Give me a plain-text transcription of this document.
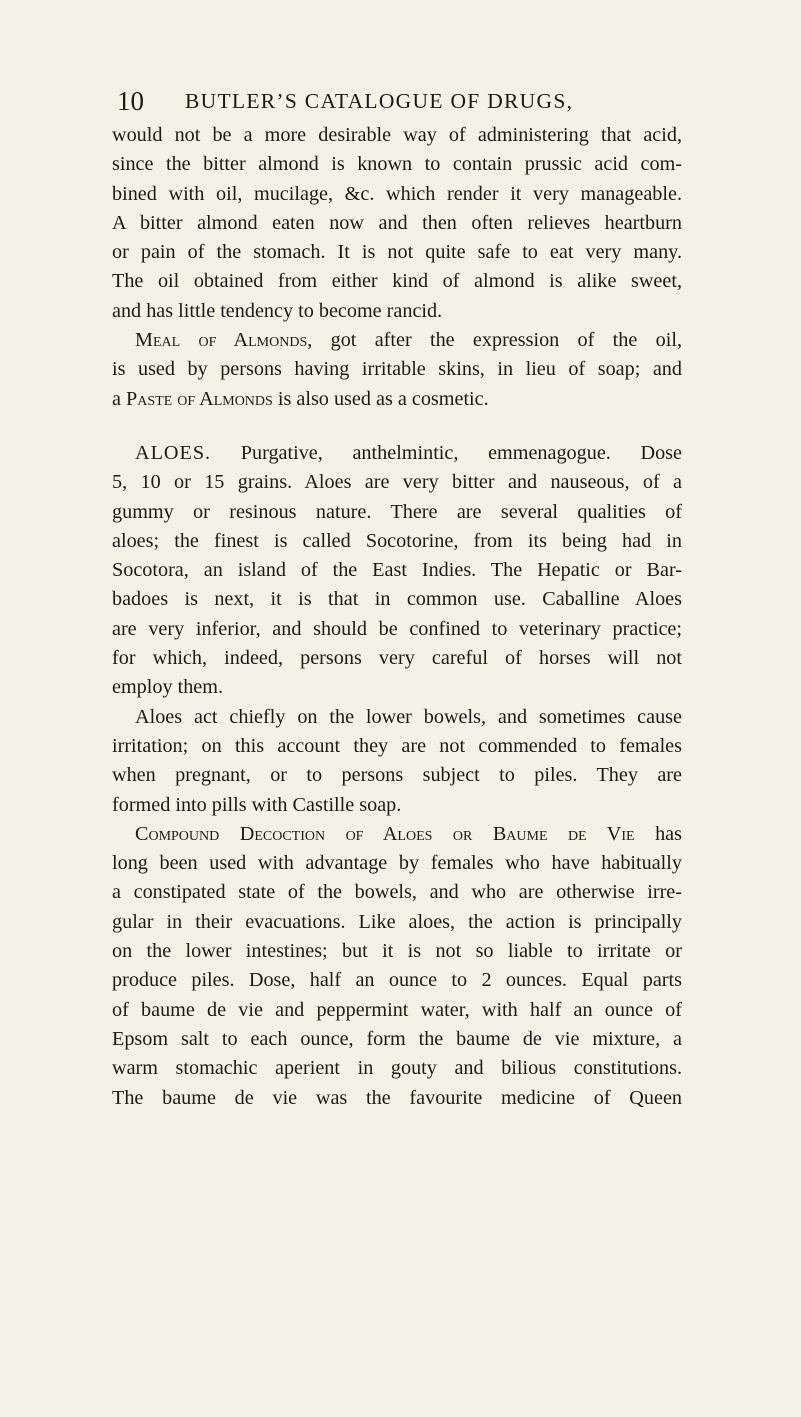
10 BUTLER’S CATALOGUE OF DRUGS,
would not be a more desirable way of administering that acid,
since the bitter almond is known to contain prussic acid com-
bined with oil, mucilage, &c. which render it very manageable.
A bitter almond eaten now and then often relieves heartburn
or pain of the stomach. It is not quite safe to eat very many.
The oil obtained from either kind of almond is alike sweet,
and has little tendency to become rancid.
Meal of Almonds, got after the expression of the oil,
is used by persons having irritable skins, in lieu of soap; and
a Paste of Almonds is also used as a cosmetic.
ALOES. Purgative, anthelmintic, emmenagogue. Dose
5, 10 or 15 grains. Aloes are very bitter and nauseous, of a
gummy or resinous nature. There are several qualities of
aloes; the finest is called Socotorine, from its being had in
Socotora, an island of the East Indies. The Hepatic or Bar-
badoes is next, it is that in common use. Caballine Aloes
are very inferior, and should be confined to veterinary practice;
for which, indeed, persons very careful of horses will not
employ them.
Aloes act chiefly on the lower bowels, and sometimes cause
irritation; on this account they are not commended to females
when pregnant, or to persons subject to piles. They are
formed into pills with Castille soap.
Compound Decoction of Aloes or Baume de Vie has
long been used with advantage by females who have habitually
a constipated state of the bowels, and who are otherwise irre-
gular in their evacuations. Like aloes, the action is principally
on the lower intestines; but it is not so liable to irritate or
produce piles. Dose, half an ounce to 2 ounces. Equal parts
of baume de vie and peppermint water, with half an ounce of
Epsom salt to each ounce, form the baume de vie mixture, a
warm stomachic aperient in gouty and bilious constitutions.
The baume de vie was the favourite medicine of Queen
